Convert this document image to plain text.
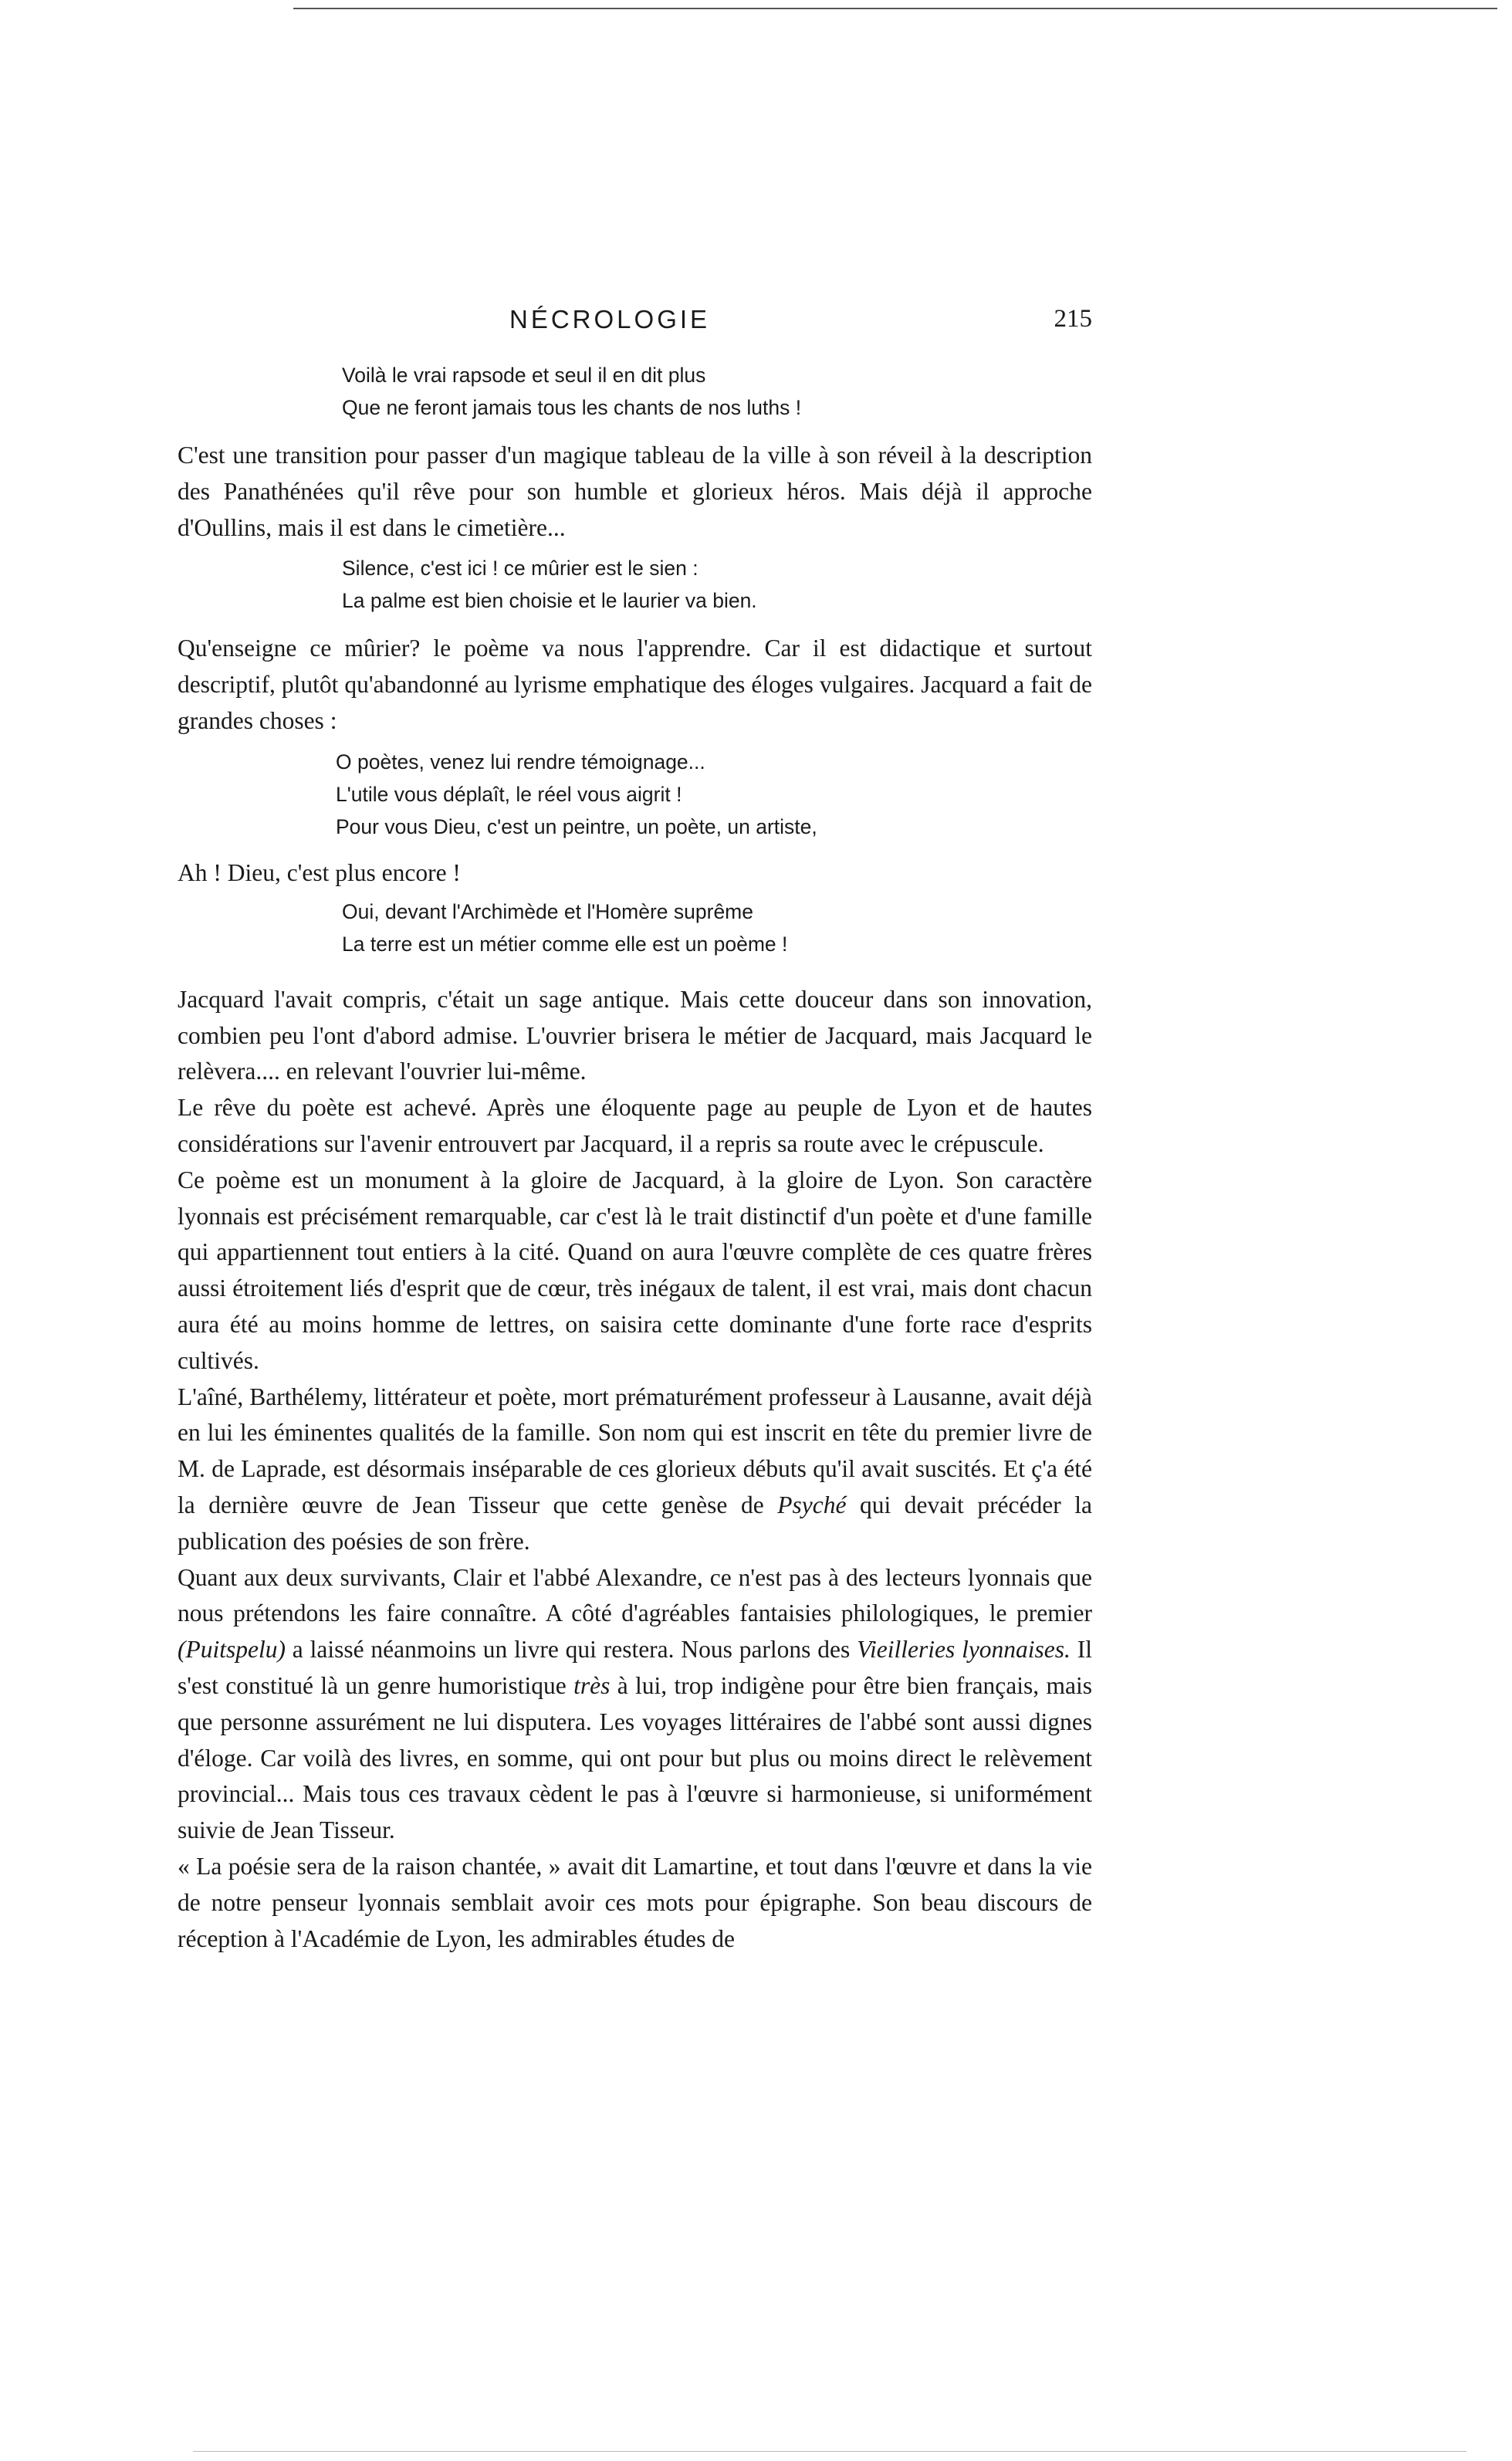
NÉCROLOGIE	215
Voilà le vrai rapsode et seul il en dit plus
Que ne feront jamais tous les chants de nos luths !

C'est une transition pour passer d'un magique tableau de la ville à son réveil à la description des Panathénées qu'il rêve pour son humble et glorieux héros. Mais déjà il approche d'Oullins, mais il est dans le cimetière...

Silence, c'est ici ! ce mûrier est le sien :
La palme est bien choisie et le laurier va bien.

Qu'enseigne ce mûrier? le poème va nous l'apprendre. Car il est didactique et surtout descriptif, plutôt qu'abandonné au lyrisme emphatique des éloges vulgaires. Jacquard a fait de grandes choses :

O poètes, venez lui rendre témoignage...
L'utile vous déplaît, le réel vous aigrit !
Pour vous Dieu, c'est un peintre, un poète, un artiste,
Ah ! Dieu, c'est plus encore !
Oui, devant l'Archimède et l'Homère suprême
La terre est un métier comme elle est un poème !

Jacquard l'avait compris, c'était un sage antique. Mais cette douceur dans son innovation, combien peu l'ont d'abord admise. L'ouvrier brisera le métier de Jacquard, mais Jacquard le relèvera.... en relevant l'ouvrier lui-même.

Le rêve du poète est achevé. Après une éloquente page au peuple de Lyon et de hautes considérations sur l'avenir entrouvert par Jacquard, il a repris sa route avec le crépuscule.

Ce poème est un monument à la gloire de Jacquard, à la gloire de Lyon. Son caractère lyonnais est précisément remarquable, car c'est là le trait distinctif d'un poète et d'une famille qui appartiennent tout entiers à la cité. Quand on aura l'œuvre complète de ces quatre frères aussi étroitement liés d'esprit que de cœur, très inégaux de talent, il est vrai, mais dont chacun aura été au moins homme de lettres, on saisira cette dominante d'une forte race d'esprits cultivés.

L'aîné, Barthélemy, littérateur et poète, mort prématurément professeur à Lausanne, avait déjà en lui les éminentes qualités de la famille. Son nom qui est inscrit en tête du premier livre de M. de Laprade, est désormais inséparable de ces glorieux débuts qu'il avait suscités. Et ç'a été la dernière œuvre de Jean Tisseur que cette genèse de Psyché qui devait précéder la publication des poésies de son frère.

Quant aux deux survivants, Clair et l'abbé Alexandre, ce n'est pas à des lecteurs lyonnais que nous prétendons les faire connaître. A côté d'agréables fantaisies philologiques, le premier (Puitspelu) a laissé néanmoins un livre qui restera. Nous parlons des Vieilleries lyonnaises. Il s'est constitué là un genre humoristique très à lui, trop indigène pour être bien français, mais que personne assurément ne lui disputera. Les voyages littéraires de l'abbé sont aussi dignes d'éloge. Car voilà des livres, en somme, qui ont pour but plus ou moins direct le relèvement provincial... Mais tous ces travaux cèdent le pas à l'œuvre si harmonieuse, si uniformément suivie de Jean Tisseur.

« La poésie sera de la raison chantée, » avait dit Lamartine, et tout dans l'œuvre et dans la vie de notre penseur lyonnais semblait avoir ces mots pour épigraphe. Son beau discours de réception à l'Académie de Lyon, les admirables études de
